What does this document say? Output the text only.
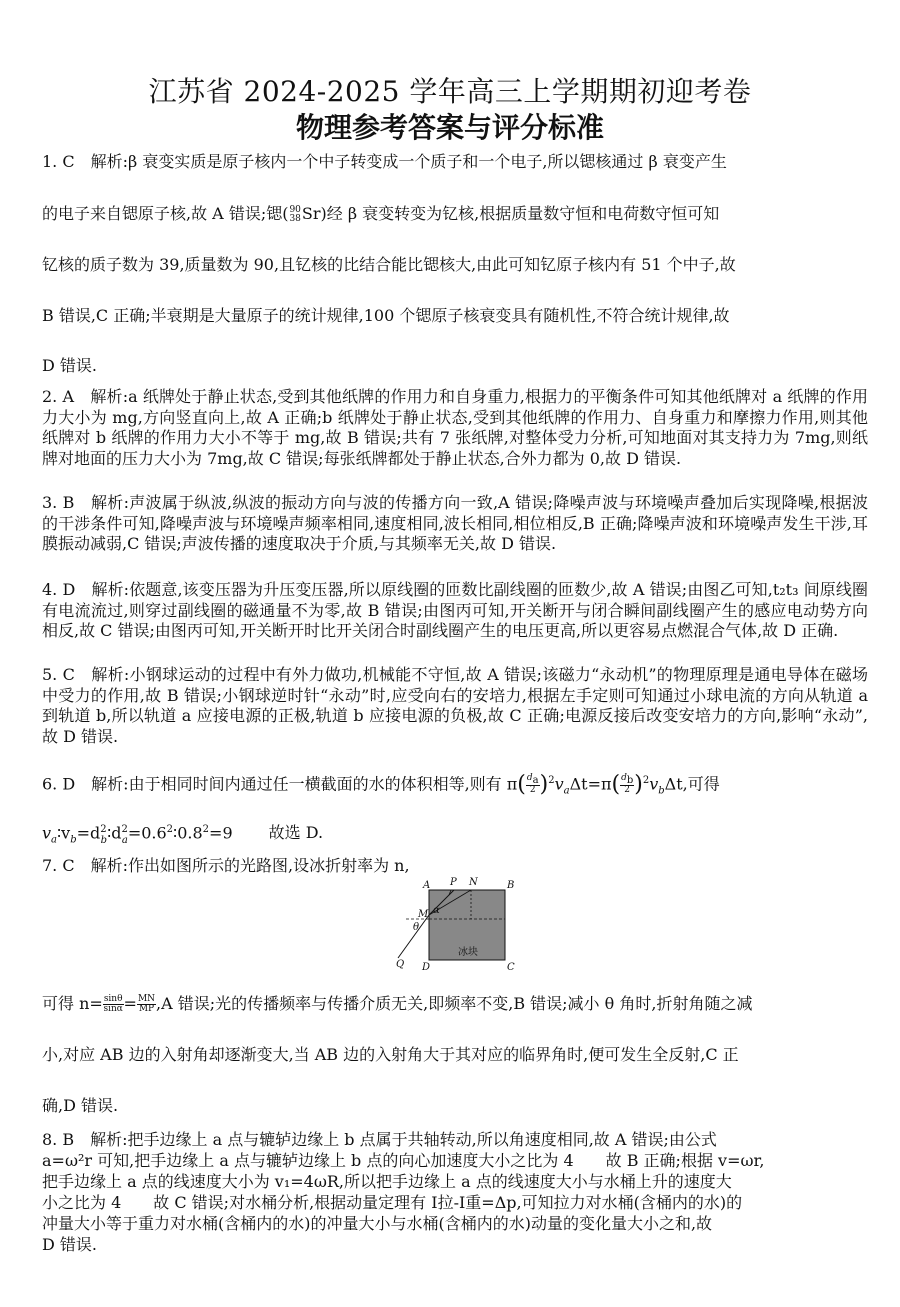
江苏省 2024-2025 学年高三上学期期初迎考卷
物理参考答案与评分标准
1. C　解析:β 衰变实质是原子核内一个中子转变成一个质子和一个电子,所以锶核通过 β 衰变产生
的电子来自锶原子核,故 A 错误;锶( 90
38 Sr)经 β 衰变转变为钇核,根据质量数守恒和电荷数守恒可知
钇核的质子数为 39,质量数为 90,且钇核的比结合能比锶核大,由此可知钇原子核内有 51 个中子,故
B 错误,C 正确;半衰期是大量原子的统计规律,100 个锶原子核衰变具有随机性,不符合统计规律,故
D 错误.
2. A　解析:a 纸牌处于静止状态,受到其他纸牌的作用力和自身重力,根据力的平衡条件可知其他纸牌对 a 纸牌的作用力大小为 mg,方向竖直向上,故 A 正确;b 纸牌处于静止状态,受到其他纸牌的作用力、自身重力和摩擦力作用,则其他纸牌对 b 纸牌的作用力大小不等于 mg,故 B 错误;共有 7 张纸牌,对整体受力分析,可知地面对其支持力为 7mg,则纸牌对地面的压力大小为 7mg,故 C 错误;每张纸牌都处于静止状态,合外力都为 0,故 D 错误.
3. B　解析:声波属于纵波,纵波的振动方向与波的传播方向一致,A 错误;降噪声波与环境噪声叠加后实现降噪,根据波的干涉条件可知,降噪声波与环境噪声频率相同,速度相同,波长相同,相位相反,B 正确;降噪声波和环境噪声发生干涉,耳膜振动减弱,C 错误;声波传播的速度取决于介质,与其频率无关,故 D 错误.
4. D　解析:依题意,该变压器为升压变压器,所以原线圈的匝数比副线圈的匝数少,故 A 错误;由图乙可知,t₂t₃ 间原线圈有电流流过,则穿过副线圈的磁通量不为零,故 B 错误;由图丙可知,开关断开与闭合瞬间副线圈产生的感应电动势方向相反,故 C 错误;由图丙可知,开关断开时比开关闭合时副线圈产生的电压更高,所以更容易点燃混合气体,故 D 正确.
5. C　解析:小钢球运动的过程中有外力做功,机械能不守恒,故 A 错误;该磁力“永动机”的物理原理是通电导体在磁场中受力的作用,故 B 错误;小钢球逆时针“永动”时,应受向右的安培力,根据左手定则可知通过小球电流的方向从轨道 a 到轨道 b,所以轨道 a 应接电源的正极,轨道 b 应接电源的负极,故 C 正确;电源反接后改变安培力的方向,影响“永动”,故 D 错误.
6. D　解析:由于相同时间内通过任一横截面的水的体积相等,则有 $\pi( \frac{d_a}{2} )^2v_a\Delta t=\pi( \frac{d_b}{2} )^2v_b\Delta t$,可得
$v_a∶v_b=d^2_b∶d^2_a=0.6^2∶0.8^2=9$ 故选 D.
7. C　解析:作出如图所示的光路图,设冰折射率为 n,
A P N	B
M α
θ
Q D	C
冰块
可得 $n= \frac{\sin\theta}{\sin\alpha} = \frac{MN}{MP} ,A$ 错误;光的传播频率与传播介质无关,即频率不变,B 错误;减小 θ 角时,折射角随之减
小,对应 AB 边的入射角却逐渐变大,当 AB 边的入射角大于其对应的临界角时,便可发生全反射,C 正
确,D 错误.
8. B　解析:把手边缘上 a 点与辘轳边缘上 b 点属于共轴转动,所以角速度相同,故 A 错误;由公式
a=ω²r 可知,把手边缘上 a 点与辘轳边缘上 b 点的向心加速度大小之比为 4　　故 B 正确;根据 v=ωr,
把手边缘上 a 点的线速度大小为 v₁=4ωR,所以把手边缘上 a 点的线速度大小与水桶上升的速度大
小之比为 4　　故 C 错误;对水桶分析,根据动量定理有 I拉-I重=Δp,可知拉力对水桶(含桶内的水)的
冲量大小等于重力对水桶(含桶内的水)的冲量大小与水桶(含桶内的水)动量的变化量大小之和,故
D 错误.
